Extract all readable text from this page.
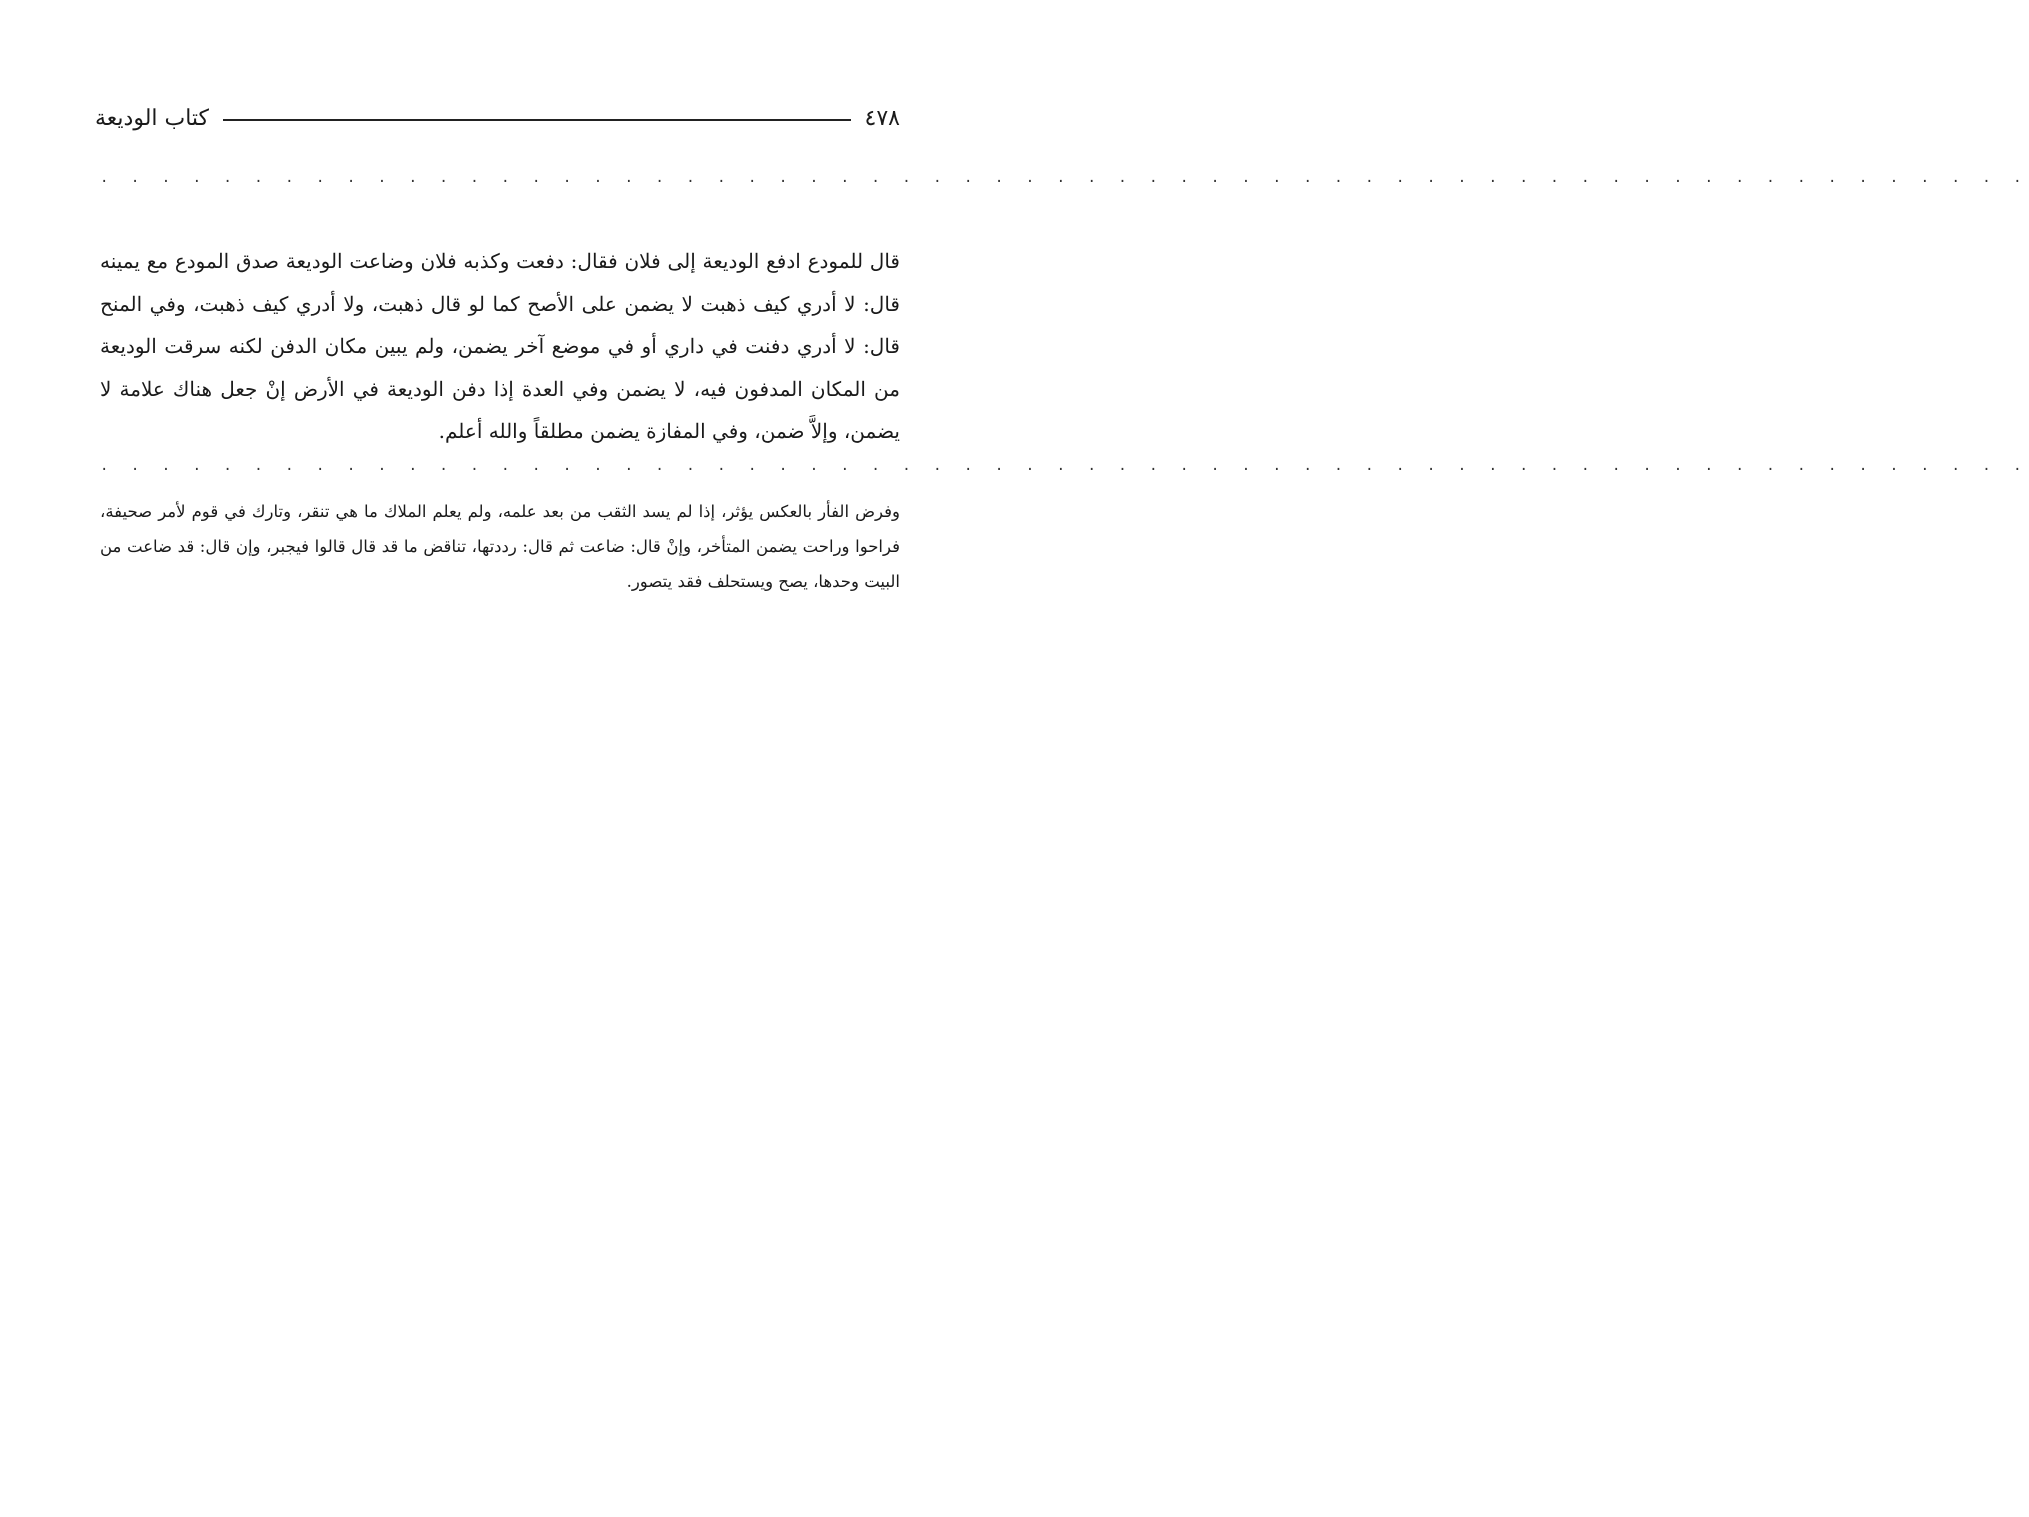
٤٧٨
كتاب الوديعة
. . . . . . . . . . . . . . . . . . . . . . . . . . . . . . . . . . . . . . . . . . . . . . . . . . . . . . . . . . . . . . .

قال للمودع ادفع الوديعة إلى فلان فقال: دفعت وكذبه فلان وضاعت الوديعة صدق المودع مع يمينه قال: لا أدري كيف ذهبت لا يضمن على الأصح كما لو قال ذهبت، ولا أدري كيف ذهبت، وفي المنح قال: لا أدري دفنت في داري أو في موضع آخر يضمن، ولم يبين مكان الدفن لكنه سرقت الوديعة من المكان المدفون فيه، لا يضمن وفي العدة إذا دفن الوديعة في الأرض إنْ جعل هناك علامة لا يضمن، وإلاَّ ضمن، وفي المفازة يضمن مطلقاً والله أعلم.

. . . . . . . . . . . . . . . . . . . . . . . . . . . . . . . . . . . . . . . . . . . . . . . . . . . . . . . . . . . . . . .

وفرض الفأر بالعكس يؤثر، إذا لم يسد الثقب من بعد علمه، ولم يعلم الملاك ما هي تنقر، وتارك في قوم لأمر صحيفة، فراحوا وراحت يضمن المتأخر، وإنْ قال: ضاعت ثم قال: رددتها، تناقض ما قد قال قالوا فيجبر، وإن قال: قد ضاعت من البيت وحدها، يصح ويستحلف فقد يتصور.
